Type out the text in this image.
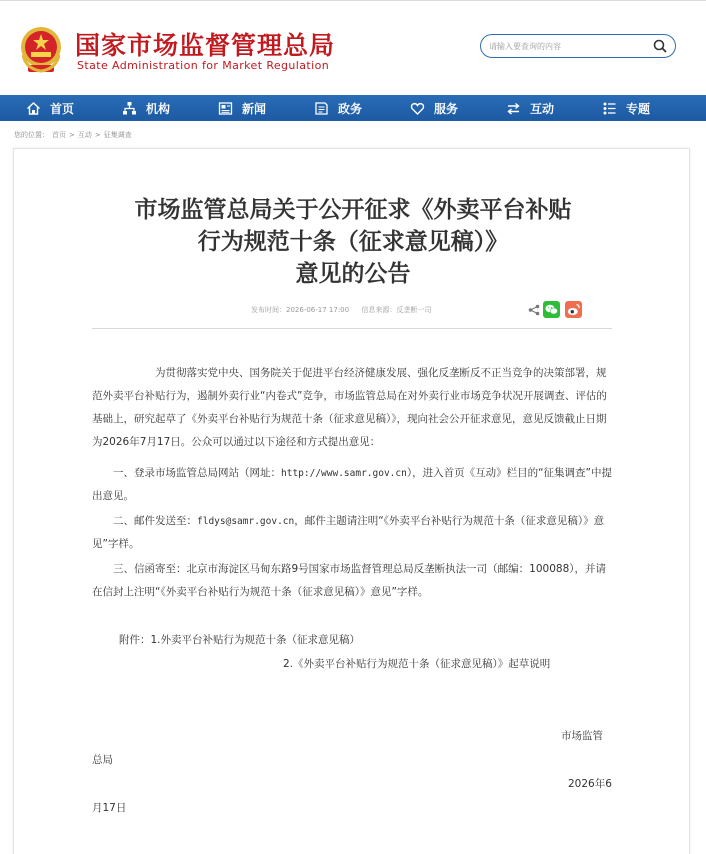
国家市场监督管理总局
State Administration for Market Regulation
请输入要查询的内容
首页	机构	新闻	政务	服务	互动	专题
您的位置： 首页 > 互动 > 征集调查
市场监管总局关于公开征求《外卖平台补贴
行为规范十条（征求意见稿）》
意见的公告
发布时间：2026-06-17 17:00 信息来源：反垄断一司

为贯彻落实党中央、国务院关于促进平台经济健康发展、强化反垄断反不正当竞争的决策部署，规范外卖平台补贴行为，遏制外卖行业“内卷式”竞争，市场监管总局在对外卖行业市场竞争状况开展调查、评估的基础上，研究起草了《外卖平台补贴行为规范十条（征求意见稿）》，现向社会公开征求意见，意见反馈截止日期为2026年7月17日。公众可以通过以下途径和方式提出意见：

一、登录市场监管总局网站（网址：http://www.samr.gov.cn），进入首页《互动》栏目的“征集调查”中提出意见。

　　二、邮件发送至：fldys@samr.gov.cn，邮件主题请注明“《外卖平台补贴行为规范十条（征求意见稿）》意见”字样。

三、信函寄至：北京市海淀区马甸东路9号国家市场监督管理总局反垄断执法一司（邮编：100088），并请在信封上注明“《外卖平台补贴行为规范十条（征求意见稿）》意见”字样。

附件：1.外卖平台补贴行为规范十条（征求意见稿）
2.《外卖平台补贴行为规范十条（征求意见稿）》起草说明
市场监管
总局
2026年6
月17日
